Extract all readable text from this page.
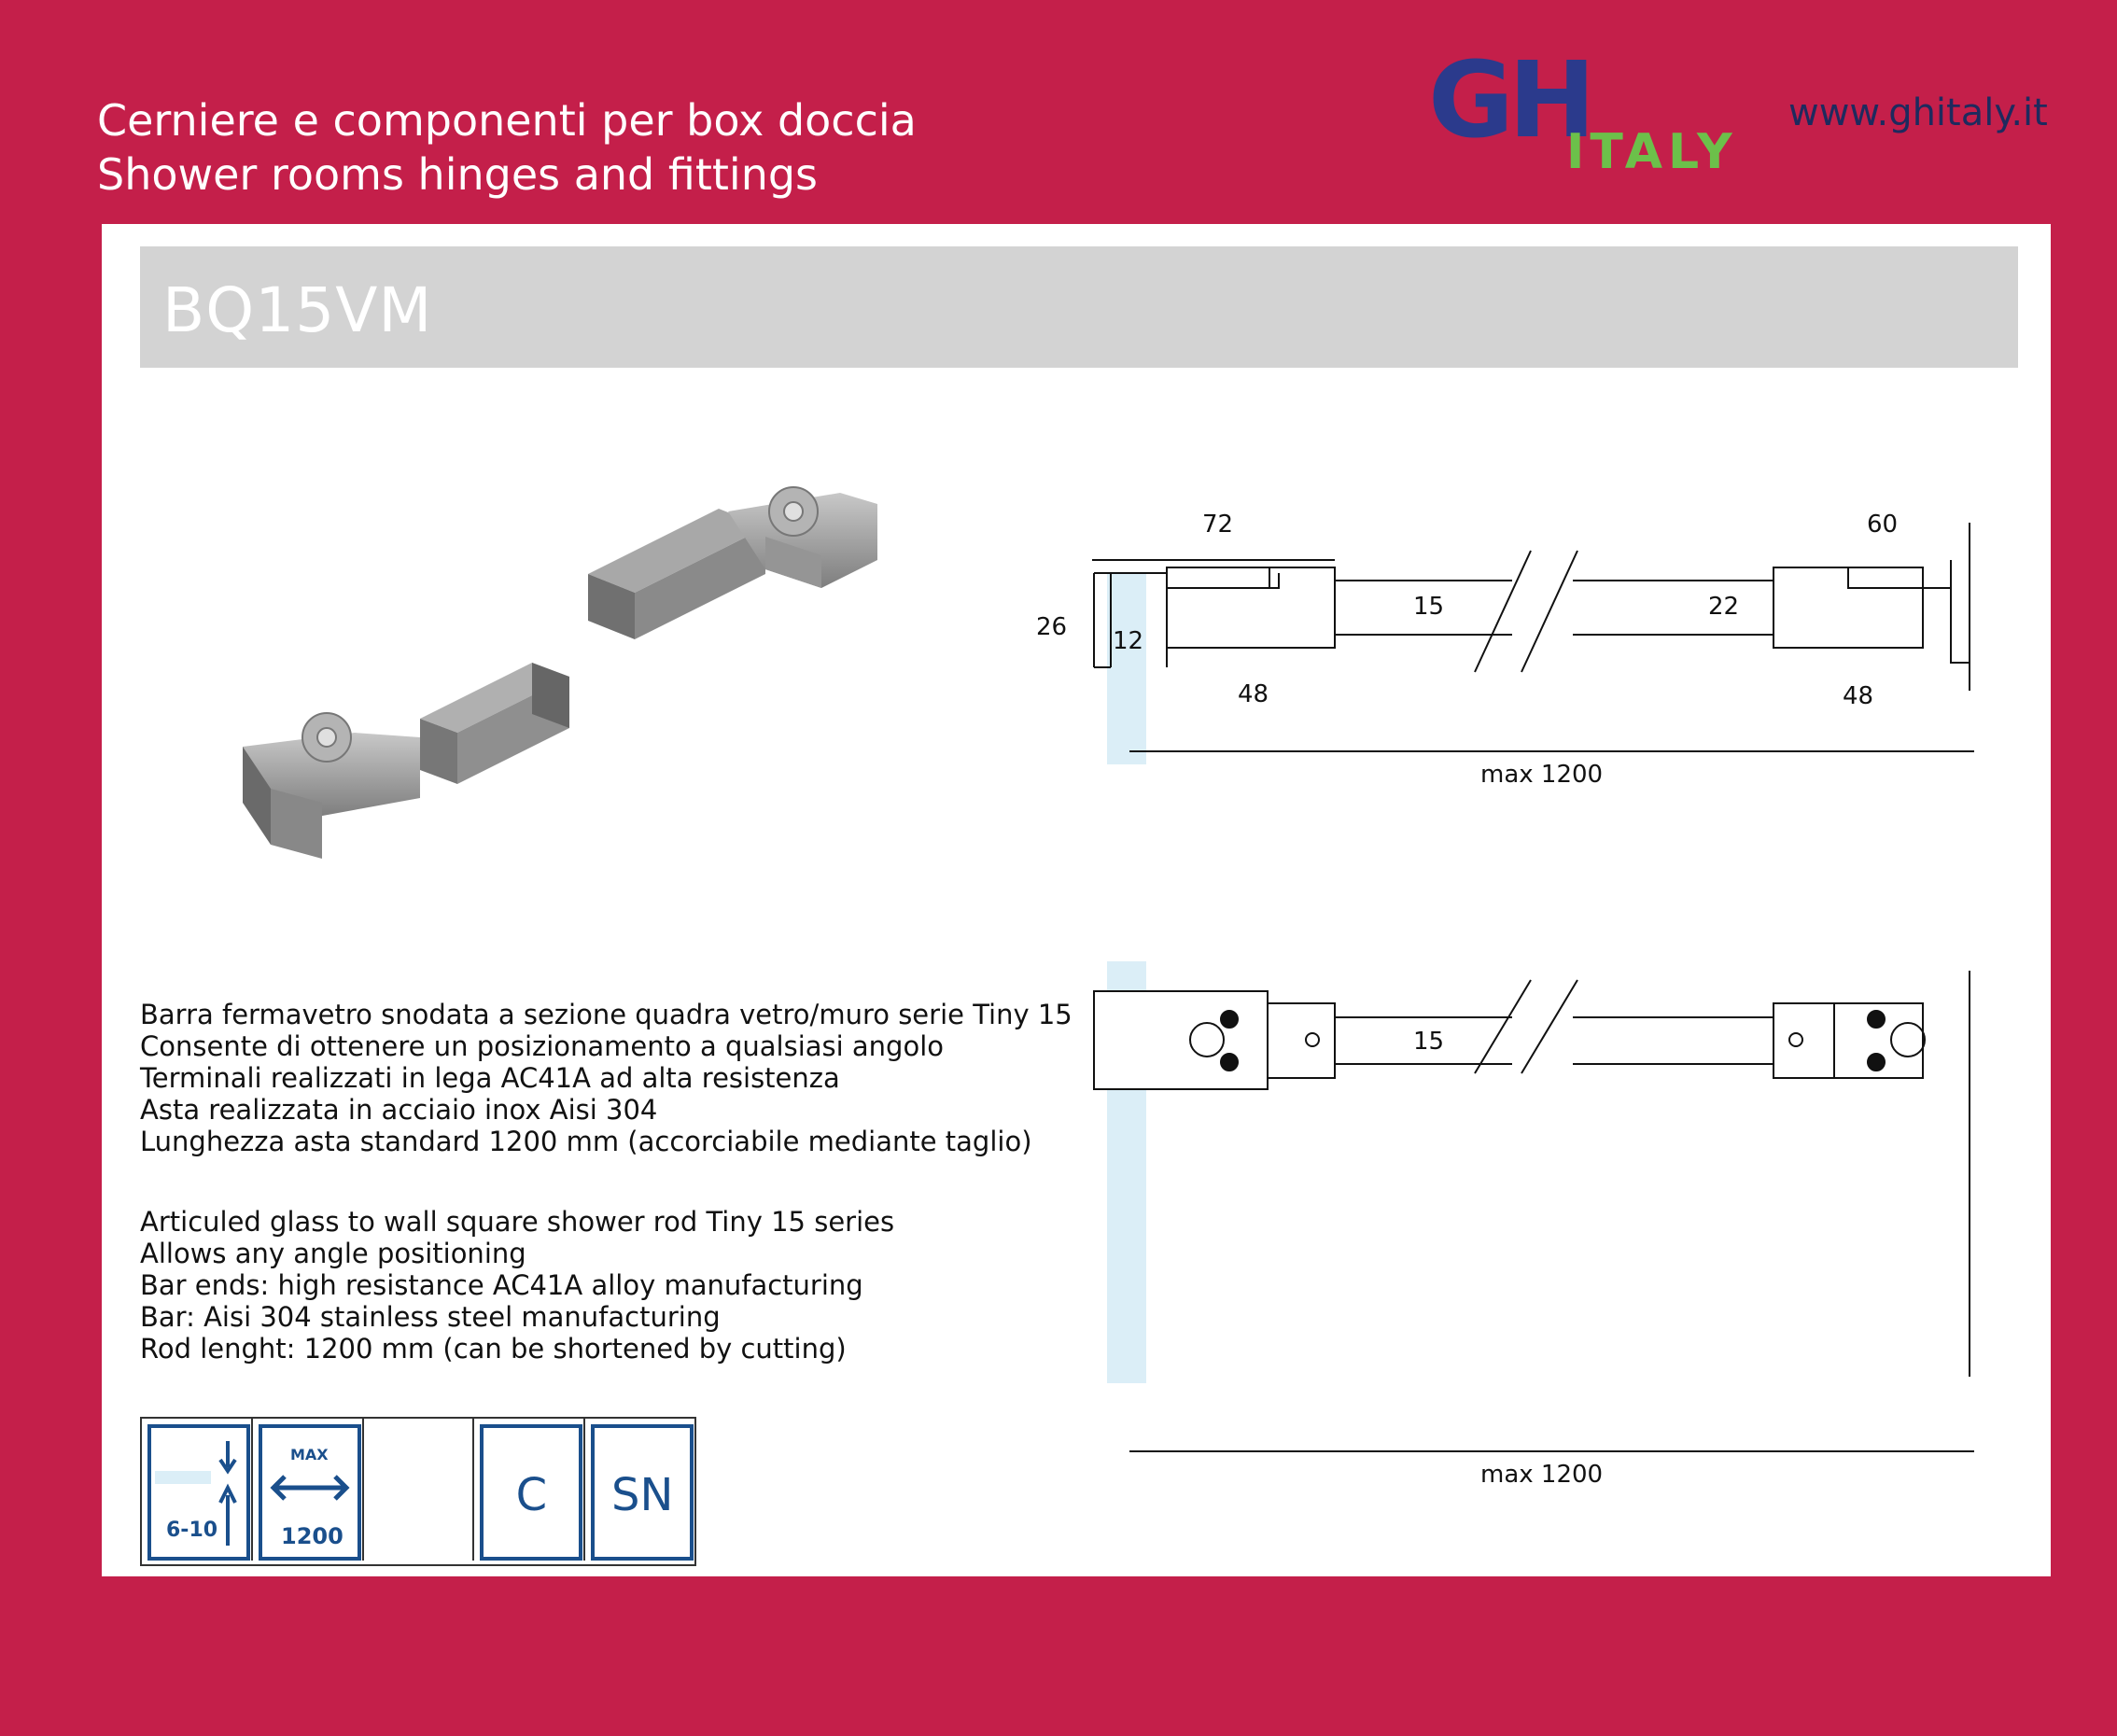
Cerniere e componenti per box doccia
Shower rooms hinges and fittings
GH
ITALY
www.ghitaly.it
BQ15VM
72	60
26 12
15	22
48	48
max 1200
15
max 1200
Barra fermavetro snodata a sezione quadra vetro/muro serie Tiny 15
Consente di ottenere un posizionamento a qualsiasi angolo
Terminali realizzati in lega AC41A ad alta resistenza
Asta realizzata in acciaio inox Aisi 304
Lunghezza asta standard 1200 mm (accorciabile mediante taglio)
Articuled glass to wall square shower rod Tiny 15 series
Allows any angle positioning
Bar ends: high resistance AC41A alloy manufacturing
Bar: Aisi 304 stainless steel manufacturing
Rod lenght: 1200 mm (can be shortened by cutting)
6-10
MAX
1200
C	SN
